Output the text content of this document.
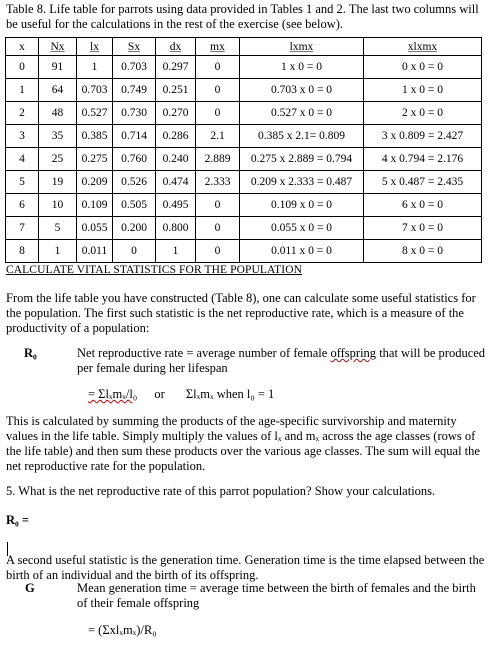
Table 8. Life table for parrots using data provided in Tables 1 and 2. The last two columns will be useful for the calculations in the rest of the exercise (see below).
x	Nx	lx	Sx	dx	mx	lxmx	xlxmx
0	91	1	0.703	0.297	0	1 x 0 = 0	0 x 0 = 0
1	64	0.703	0.749	0.251	0	0.703 x 0 = 0	1 x 0 = 0
2	48	0.527	0.730	0.270	0	0.527 x 0 = 0	2 x 0 = 0
3	35	0.385	0.714	0.286	2.1	0.385 x 2.1= 0.809	3 x 0.809 = 2.427
4	25	0.275	0.760	0.240	2.889	0.275 x 2.889 = 0.794	4 x 0.794 = 2.176
5	19	0.209	0.526	0.474	2.333	0.209 x 2.333 = 0.487	5 x 0.487 = 2.435
6	10	0.109	0.505	0.495	0	0.109 x 0 = 0	6 x 0 = 0
7	5	0.055	0.200	0.800	0	0.055 x 0 = 0	7 x 0 = 0
8	1	0.011	0	1	0	0.011 x 0 = 0	8 x 0 = 0
CALCULATE VITAL STATISTICS FOR THE POPULATION
From the life table you have constructed (Table 8), one can calculate some useful statistics for the population. The first such statistic is the net reproductive rate, which is a measure of the productivity of a population:
R₀	Net reproductive rate = average number of female offspring that will be produced per female during her lifespan
= Σlₓmₓ/l₀ or Σlₓmₓ when l₀ = 1
This is calculated by summing the products of the age-specific survivorship and maternity values in the life table. Simply multiply the values of lₓ and mₓ across the age classes (rows of the life table) and then sum these products over the various age classes. The sum will equal the net reproductive rate for the population.
5. What is the net reproductive rate of this parrot population? Show your calculations.
R₀ =
A second useful statistic is the generation time. Generation time is the time elapsed between the birth of an individual and the birth of its offspring.
G	Mean generation time = average time between the birth of females and the birth of their female offspring
= (Σxlₓmₓ)/R₀
